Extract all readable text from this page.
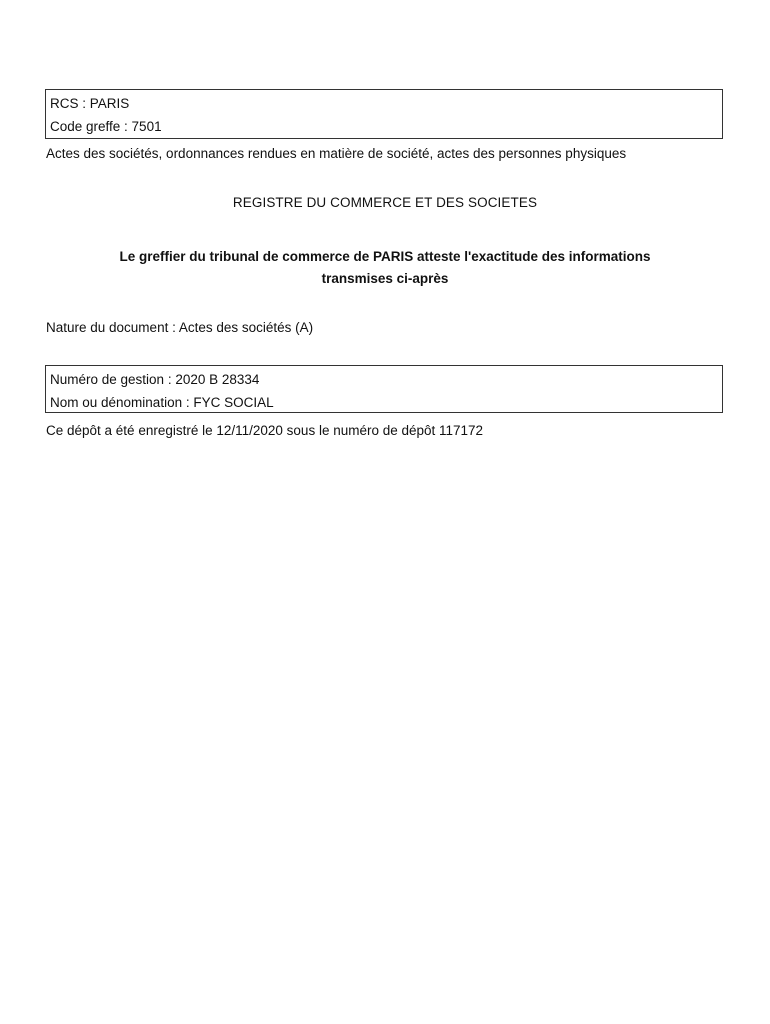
RCS : PARIS
Code greffe : 7501
Actes des sociétés, ordonnances rendues en matière de société, actes des personnes physiques
REGISTRE DU COMMERCE ET DES SOCIETES
Le greffier du tribunal de commerce de PARIS atteste l'exactitude des informations
transmises ci-après
Nature du document : Actes des sociétés (A)
Numéro de gestion : 2020 B 28334
Nom ou dénomination : FYC SOCIAL
Ce dépôt a été enregistré le 12/11/2020 sous le numéro de dépôt 117172
